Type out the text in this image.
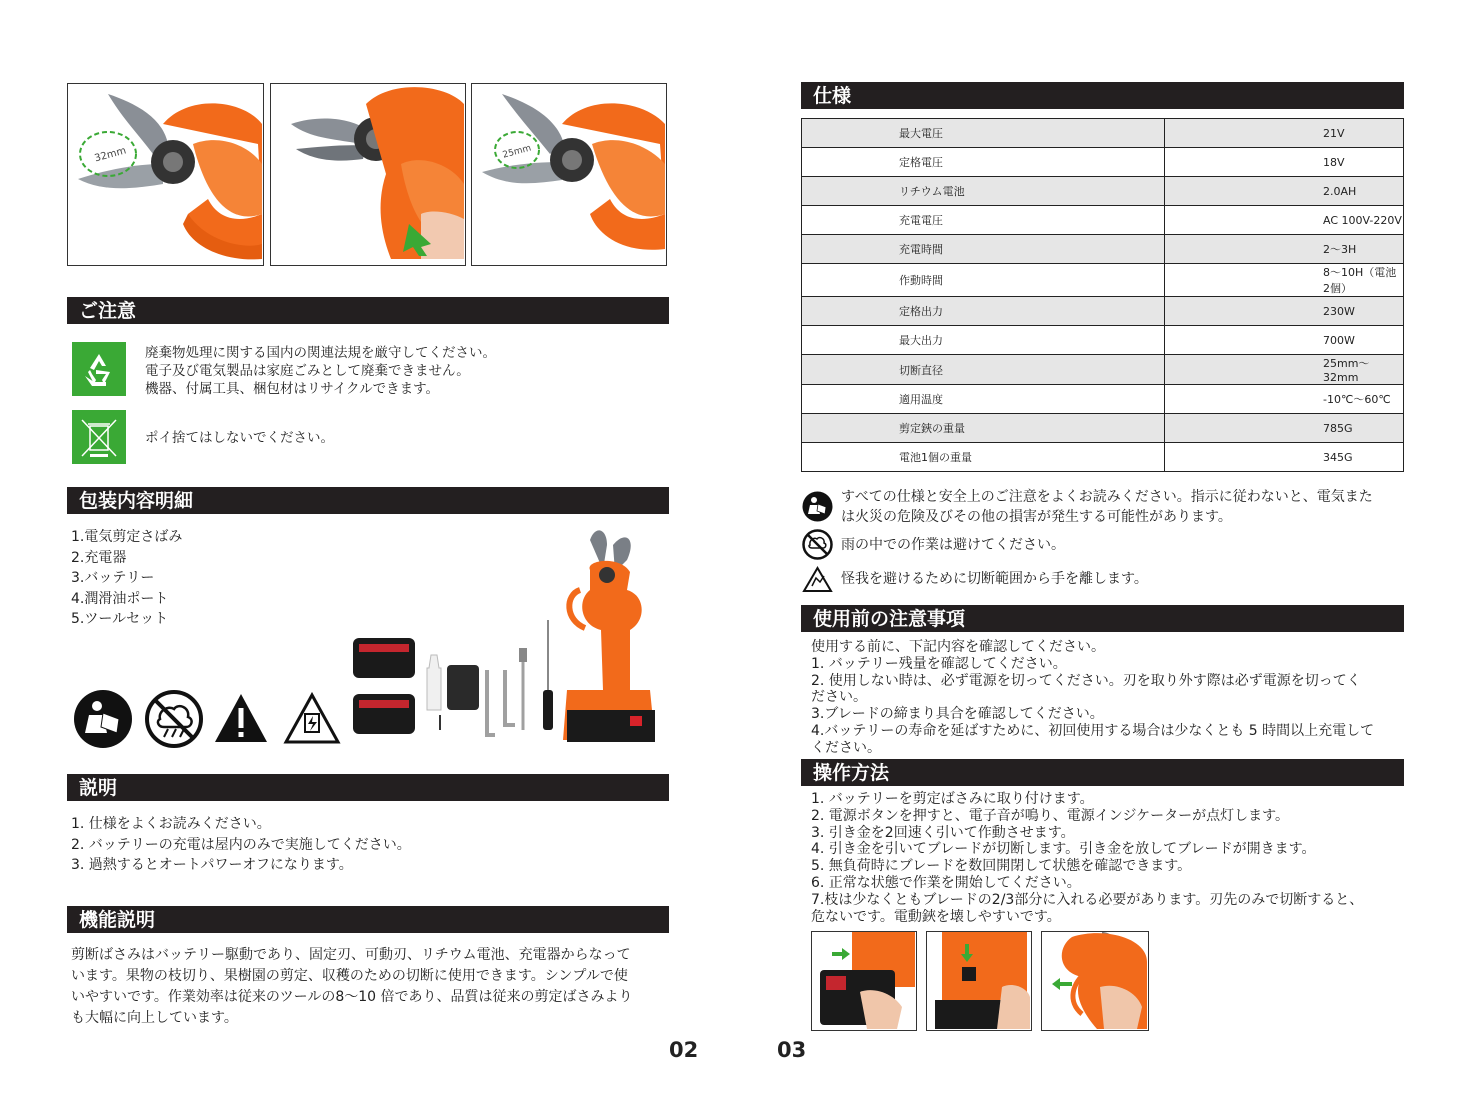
32mm	25mm
ご注意
廃棄物処理に関する国内の関連法規を厳守してください。
電子及び電気製品は家庭ごみとして廃棄できません。
機器、付属工具、梱包材はリサイクルできます。
ポイ捨てはしないでください。
包装内容明細
1.電気剪定さばみ
2.充電器
3.バッテリー
4.潤滑油ポート
5.ツールセット
説明
1. 仕様をよくお読みください。
2. バッテリーの充電は屋内のみで実施してください。
3. 過熱するとオートパワーオフになります。
機能説明
剪断ばさみはバッテリー駆動であり、固定刃、可動刃、リチウム電池、充電器からなって
います。果物の枝切り、果樹園の剪定、収穫のための切断に使用できます。シンプルで使
いやすいです。作業効率は従来のツールの8～10 倍であり、品質は従来の剪定ばさみより
も大幅に向上しています。
02
仕様
最大電圧	21V
定格電圧	18V
リチウム電池	2.0AH
充電電圧	AC 100V-220V
充電時間	2～3H
作動時間	8～10H（電池2個）
定格出力	230W
最大出力	700W
切断直径	25mm～32mm
適用温度	-10℃～60℃
剪定鋏の重量	785G
電池1個の重量	345G
すべての仕様と安全上のご注意をよくお読みください。指示に従わないと、電気また
は火災の危険及びその他の損害が発生する可能性があります。
雨の中での作業は避けてください。
怪我を避けるために切断範囲から手を離します。
使用前の注意事項
使用する前に、下記内容を確認してください。
1. バッテリー残量を確認してください。
2. 使用しない時は、必ず電源を切ってください。刃を取り外す際は必ず電源を切ってく
ださい。
3.ブレードの締まり具合を確認してください。
4.バッテリーの寿命を延ばすために、初回使用する場合は少なくとも 5 時間以上充電して
ください。
操作方法
1. バッテリーを剪定ばさみに取り付けます。
2. 電源ボタンを押すと、電子音が鳴り、電源インジケーターが点灯します。
3. 引き金を2回速く引いて作動させます。
4. 引き金を引いてブレードが切断します。引き金を放してブレードが開きます。
5. 無負荷時にブレードを数回開閉して状態を確認できます。
6. 正常な状態で作業を開始してください。
7.枝は少なくともブレードの2/3部分に入れる必要があります。刃先のみで切断すると、
危ないです。電動鋏を壊しやすいです。
03
